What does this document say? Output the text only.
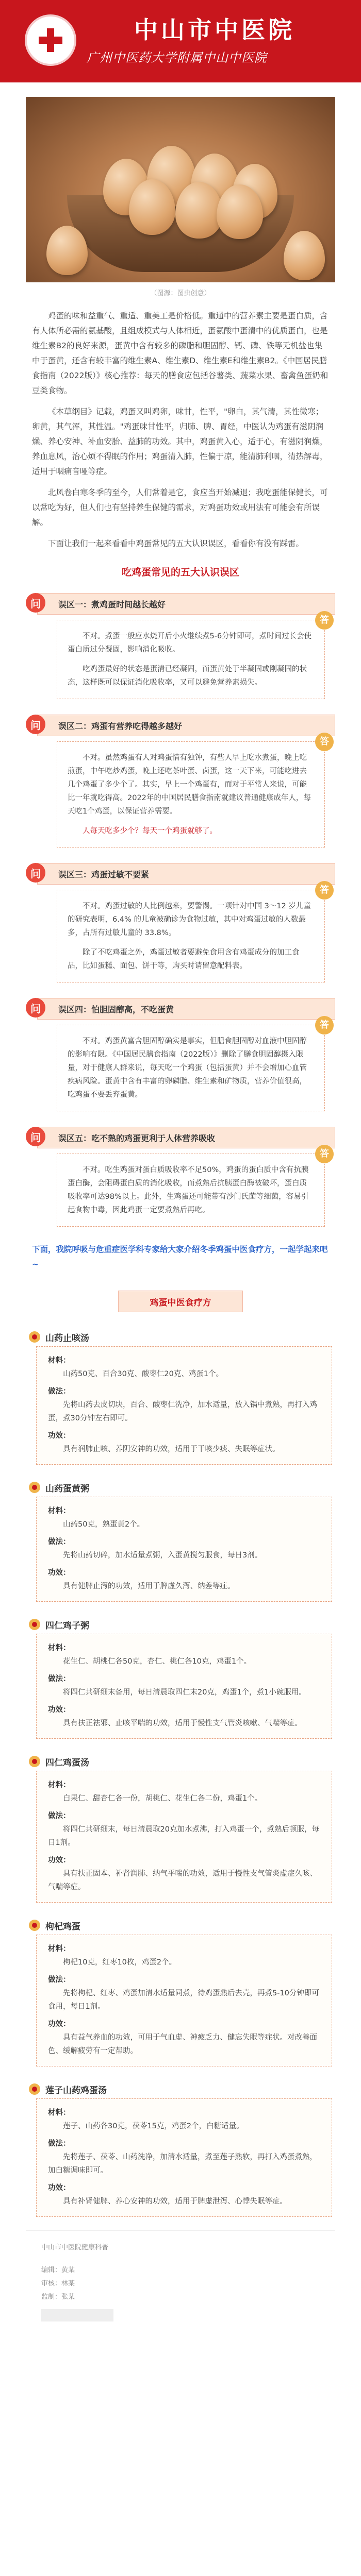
中山市中医院
广州中医药大学附属中山中医院
（图源：图虫创意）

鸡蛋的味和益重气、重适、重美工是价格低。重通中的营养素主要是蛋白质，含有人体所必需的氨基酸，且组成模式与人体相近，蛋氨酸中蛋清中的优质蛋白，也是维生素B2的良好来源，蛋黄中含有较多的磷脂和胆固醇、钙、磷、铁等无机盐也集中于蛋黄，还含有较丰富的维生素A、维生素D、维生素E和维生素B2。《中国居民膳食指南（2022版）》核心推荐：每天的膳食应包括谷薯类、蔬菜水果、畜禽鱼蛋奶和豆类食物。

《本草纲目》记载，鸡蛋又叫鸡卵，味甘，性平，"卵白，其气清，其性微寒；卵黄，其气浑，其性温。"鸡蛋味甘性平，归肺、脾、胃经，中医认为鸡蛋有滋阴润燥、养心安神、补血安胎、益肺的功效。其中，鸡蛋黄入心，适于心，有滋阴润燥，养血息风，治心烦不得眠的作用；鸡蛋清入肺，性偏于凉，能清肺利咽，清热解毒，适用于咽痛音哑等症。

北风卷白寒冬季的至今，人们常着是它，食应当开始减退；我吃蛋能保健长，可以常吃为好，但人们也有坚持养生保健的需求，对鸡蛋功效或用法有可能会有所误解。

下面让我们一起来看看中鸡蛋常见的五大认识误区，看看你有没有踩雷。

吃鸡蛋常见的五大认识误区
问	误区一：煮鸡蛋时间越长越好
答

不对。煮蛋一般应水烧开后小火继续煮5-6分钟即可，煮时间过长会使蛋白质过分凝固，影响消化吸收。

吃鸡蛋最好的状态是蛋清已经凝固，而蛋黄处于半凝固或刚凝固的状态，这样既可以保证消化吸收率，又可以避免营养素损失。

问	误区二：鸡蛋有营养吃得越多越好
答

不对。虽然鸡蛋有人对鸡蛋情有独钟，有些人早上吃水煮蛋，晚上吃煎蛋，中午吃炒鸡蛋，晚上还吃茶叶蛋、卤蛋，这一天下来，可能吃进去几个鸡蛋了多少个了。其实，早上一个鸡蛋有，而对于平常人来说，可能比一年就吃得高。2022年的中国居民膳食指南就建议普通健康成年人，每天吃1个鸡蛋，以保证营养需要。

人每天吃多少个？每天一个鸡蛋就够了。

问	误区三：鸡蛋过敏不要紧
答

不对。鸡蛋过敏的人比例越来，要警惕。一项针对中国 3～12 岁儿童的研究表明，6.4% 的儿童被确诊为食物过敏，其中对鸡蛋过敏的人数最多，占所有过敏儿童的 33.8%。

除了不吃鸡蛋之外，鸡蛋过敏者要避免食用含有鸡蛋成分的加工食品，比如蛋糕、面包、饼干等，购买时请留意配料表。

问	误区四：怕胆固醇高，不吃蛋黄
答

不对。鸡蛋黄富含胆固醇确实是事实，但膳食胆固醇对血液中胆固醇的影响有限。《中国居民膳食指南（2022版）》删除了膳食胆固醇摄入限量，对于健康人群来说，每天吃一个鸡蛋（包括蛋黄）并不会增加心血管疾病风险。蛋黄中含有丰富的卵磷脂、维生素和矿物质，营养价值很高，吃鸡蛋不要丢弃蛋黄。

问	误区五：吃不熟的鸡蛋更利于人体营养吸收
答

不对。吃生鸡蛋对蛋白质吸收率不足50%，鸡蛋的蛋白质中含有抗胰蛋白酶，会阻碍蛋白质的消化吸收，而煮熟后抗胰蛋白酶被破坏，蛋白质吸收率可达98%以上。此外，生鸡蛋还可能带有沙门氏菌等细菌，容易引起食物中毒，因此鸡蛋一定要煮熟后再吃。

下面，我院呼吸与危重症医学科专家给大家介绍冬季鸡蛋中医食疗方，一起学起来吧~
鸡蛋中医食疗方
山药止咳汤
材料：
山药50克、百合30克、酸枣仁20克、鸡蛋1个。
做法：
先将山药去皮切块，百合、酸枣仁洗净，加水适量，放入锅中煮熟，再打入鸡蛋，煮30分钟左右即可。
功效：
具有润肺止咳、养阴安神的功效，适用于干咳少痰、失眠等症状。
山药蛋黄粥
材料：
山药50克，熟蛋黄2个。
做法：
先将山药切碎，加水适量煮粥，入蛋黄搅匀服食，每日3剂。
功效：
具有健脾止泻的功效，适用于脾虚久泻、纳差等症。
四仁鸡子粥
材料：
花生仁、胡桃仁各50克，杏仁、桃仁各10克，鸡蛋1个。
做法：
将四仁共研细末备用，每日清晨取四仁末20克，鸡蛋1个，煮1小碗服用。
功效：
具有扶正祛邪、止咳平喘的功效，适用于慢性支气管炎咳嗽、气喘等症。
四仁鸡蛋汤
材料：
白果仁、甜杏仁各一份，胡桃仁、花生仁各二份，鸡蛋1个。
做法：
将四仁共研细末，每日清晨取20克加水煮沸，打入鸡蛋一个，煮熟后顿服，每日1剂。
功效：
具有扶正固本、补肾润肺、纳气平喘的功效，适用于慢性支气管炎虚症久咳、气喘等症。
枸杞鸡蛋
材料：
枸杞10克，红枣10枚，鸡蛋2个。
做法：
先将枸杞、红枣、鸡蛋加清水适量同煮，待鸡蛋熟后去壳，再煮5-10分钟即可食用，每日1剂。
功效：
具有益气养血的功效，可用于气血虚、神疲乏力、健忘失眠等症状。对改善面色、缓解疲劳有一定帮助。
莲子山药鸡蛋汤
材料：
莲子、山药各30克，茯苓15克，鸡蛋2个，白糖适量。
做法：
先将莲子、茯苓、山药洗净，加清水适量，煮至莲子熟软，再打入鸡蛋煮熟，加白糖调味即可。
功效：
具有补肾健脾、养心安神的功效，适用于脾虚泄泻、心悸失眠等症。
中山市中医院健康科普
编辑：黄某
审核：林某
监制：张某
